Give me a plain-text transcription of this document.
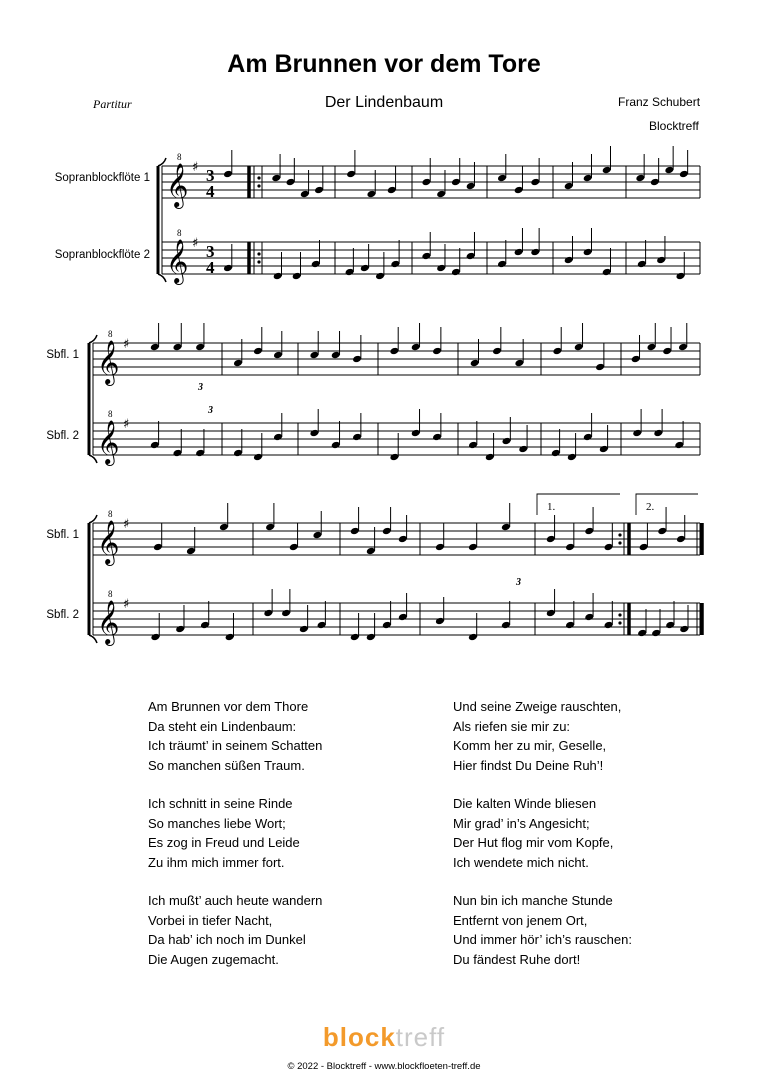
Am Brunnen vor dem Tore
Der Lindenbaum
Partitur	Franz Schubert
Blocktreff
Sopranblockflöte 1
Sopranblockflöte 2
Sbfl. 1
Sbfl. 2
Sbfl. 1
Sbfl. 2
3
3
3
𝄞
8
♯ 3
4
𝄞
8
♯ 3
4
𝄞
8
♯
𝄞
8
♯
𝄞
8
♯
𝄞
8
♯
1.	2.
Am Brunnen vor dem Thore
Da steht ein Lindenbaum:
Ich träumt’ in seinem Schatten
So manchen süßen Traum.
Ich schnitt in seine Rinde
So manches liebe Wort;
Es zog in Freud und Leide
Zu ihm mich immer fort.
Ich mußt’ auch heute wandern
Vorbei in tiefer Nacht,
Da hab’ ich noch im Dunkel
Die Augen zugemacht.
Und seine Zweige rauschten,
Als riefen sie mir zu:
Komm her zu mir, Geselle,
Hier findst Du Deine Ruh’!
Die kalten Winde bliesen
Mir grad’ in’s Angesicht;
Der Hut flog mir vom Kopfe,
Ich wendete mich nicht.
Nun bin ich manche Stunde
Entfernt von jenem Ort,
Und immer hör’ ich’s rauschen:
Du fändest Ruhe dort!
blocktreff
© 2022 - Blocktreff - www.blockfloeten-treff.de
